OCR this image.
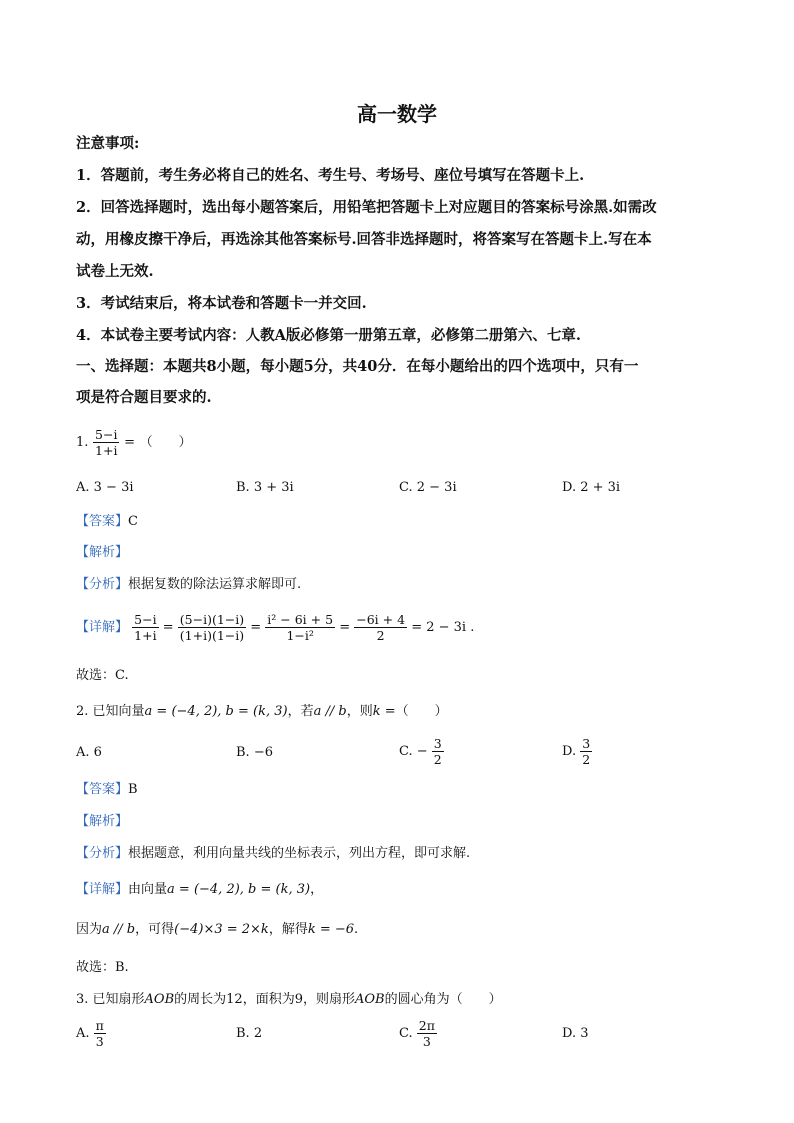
高一数学
注意事项:
1．答题前，考生务必将自己的姓名、考生号、考场号、座位号填写在答题卡上.
2．回答选择题时，选出每小题答案后，用铅笔把答题卡上对应题目的答案标号涂黑.如需改
动，用橡皮擦干净后，再选涂其他答案标号.回答非选择题时，将答案写在答题卡上.写在本
试卷上无效.
3．考试结束后，将本试卷和答题卡一并交回.
4．本试卷主要考试内容：人教A版必修第一册第五章，必修第二册第六、七章.
一、选择题：本题共8小题，每小题5分，共40分．在每小题给出的四个选项中，只有一
项是符合题目要求的.
1. $\frac{5-i}{1+i}$ = （　　）
A. 3 − 3i	B. 3 + 3i	C. 2 − 3i	D. 2 + 3i
【答案】C
【解析】
【分析】根据复数的除法运算求解即可.
【详解】 $\frac{5-i}{1+i} = \frac{(5-i)(1-i)}{(1+i)(1-i)} = \frac{\text{i² − 6i + 5}}{\text{1−i²}} = \frac{-6i + 4}{2} = 2 - 3i$ .
故选：C.
2. 已知向量a = (−4, 2), b = (k, 3)，若a // b，则k =（　　）
A. 6	B. −6	C. − $\frac{3}{2}$	D. $\frac{3}{2}$
【答案】B
【解析】
【分析】根据题意，利用向量共线的坐标表示，列出方程，即可求解.
【详解】由向量a = (−4, 2), b = (k, 3)，
因为a // b，可得(−4)×3 = 2×k，解得k = −6.
故选：B.
3. 已知扇形AOB的周长为12，面积为9，则扇形AOB的圆心角为（　　）
A. $\frac{\pi}{3}$	B. 2	C. $\frac{2\pi}{3}$	D. 3
